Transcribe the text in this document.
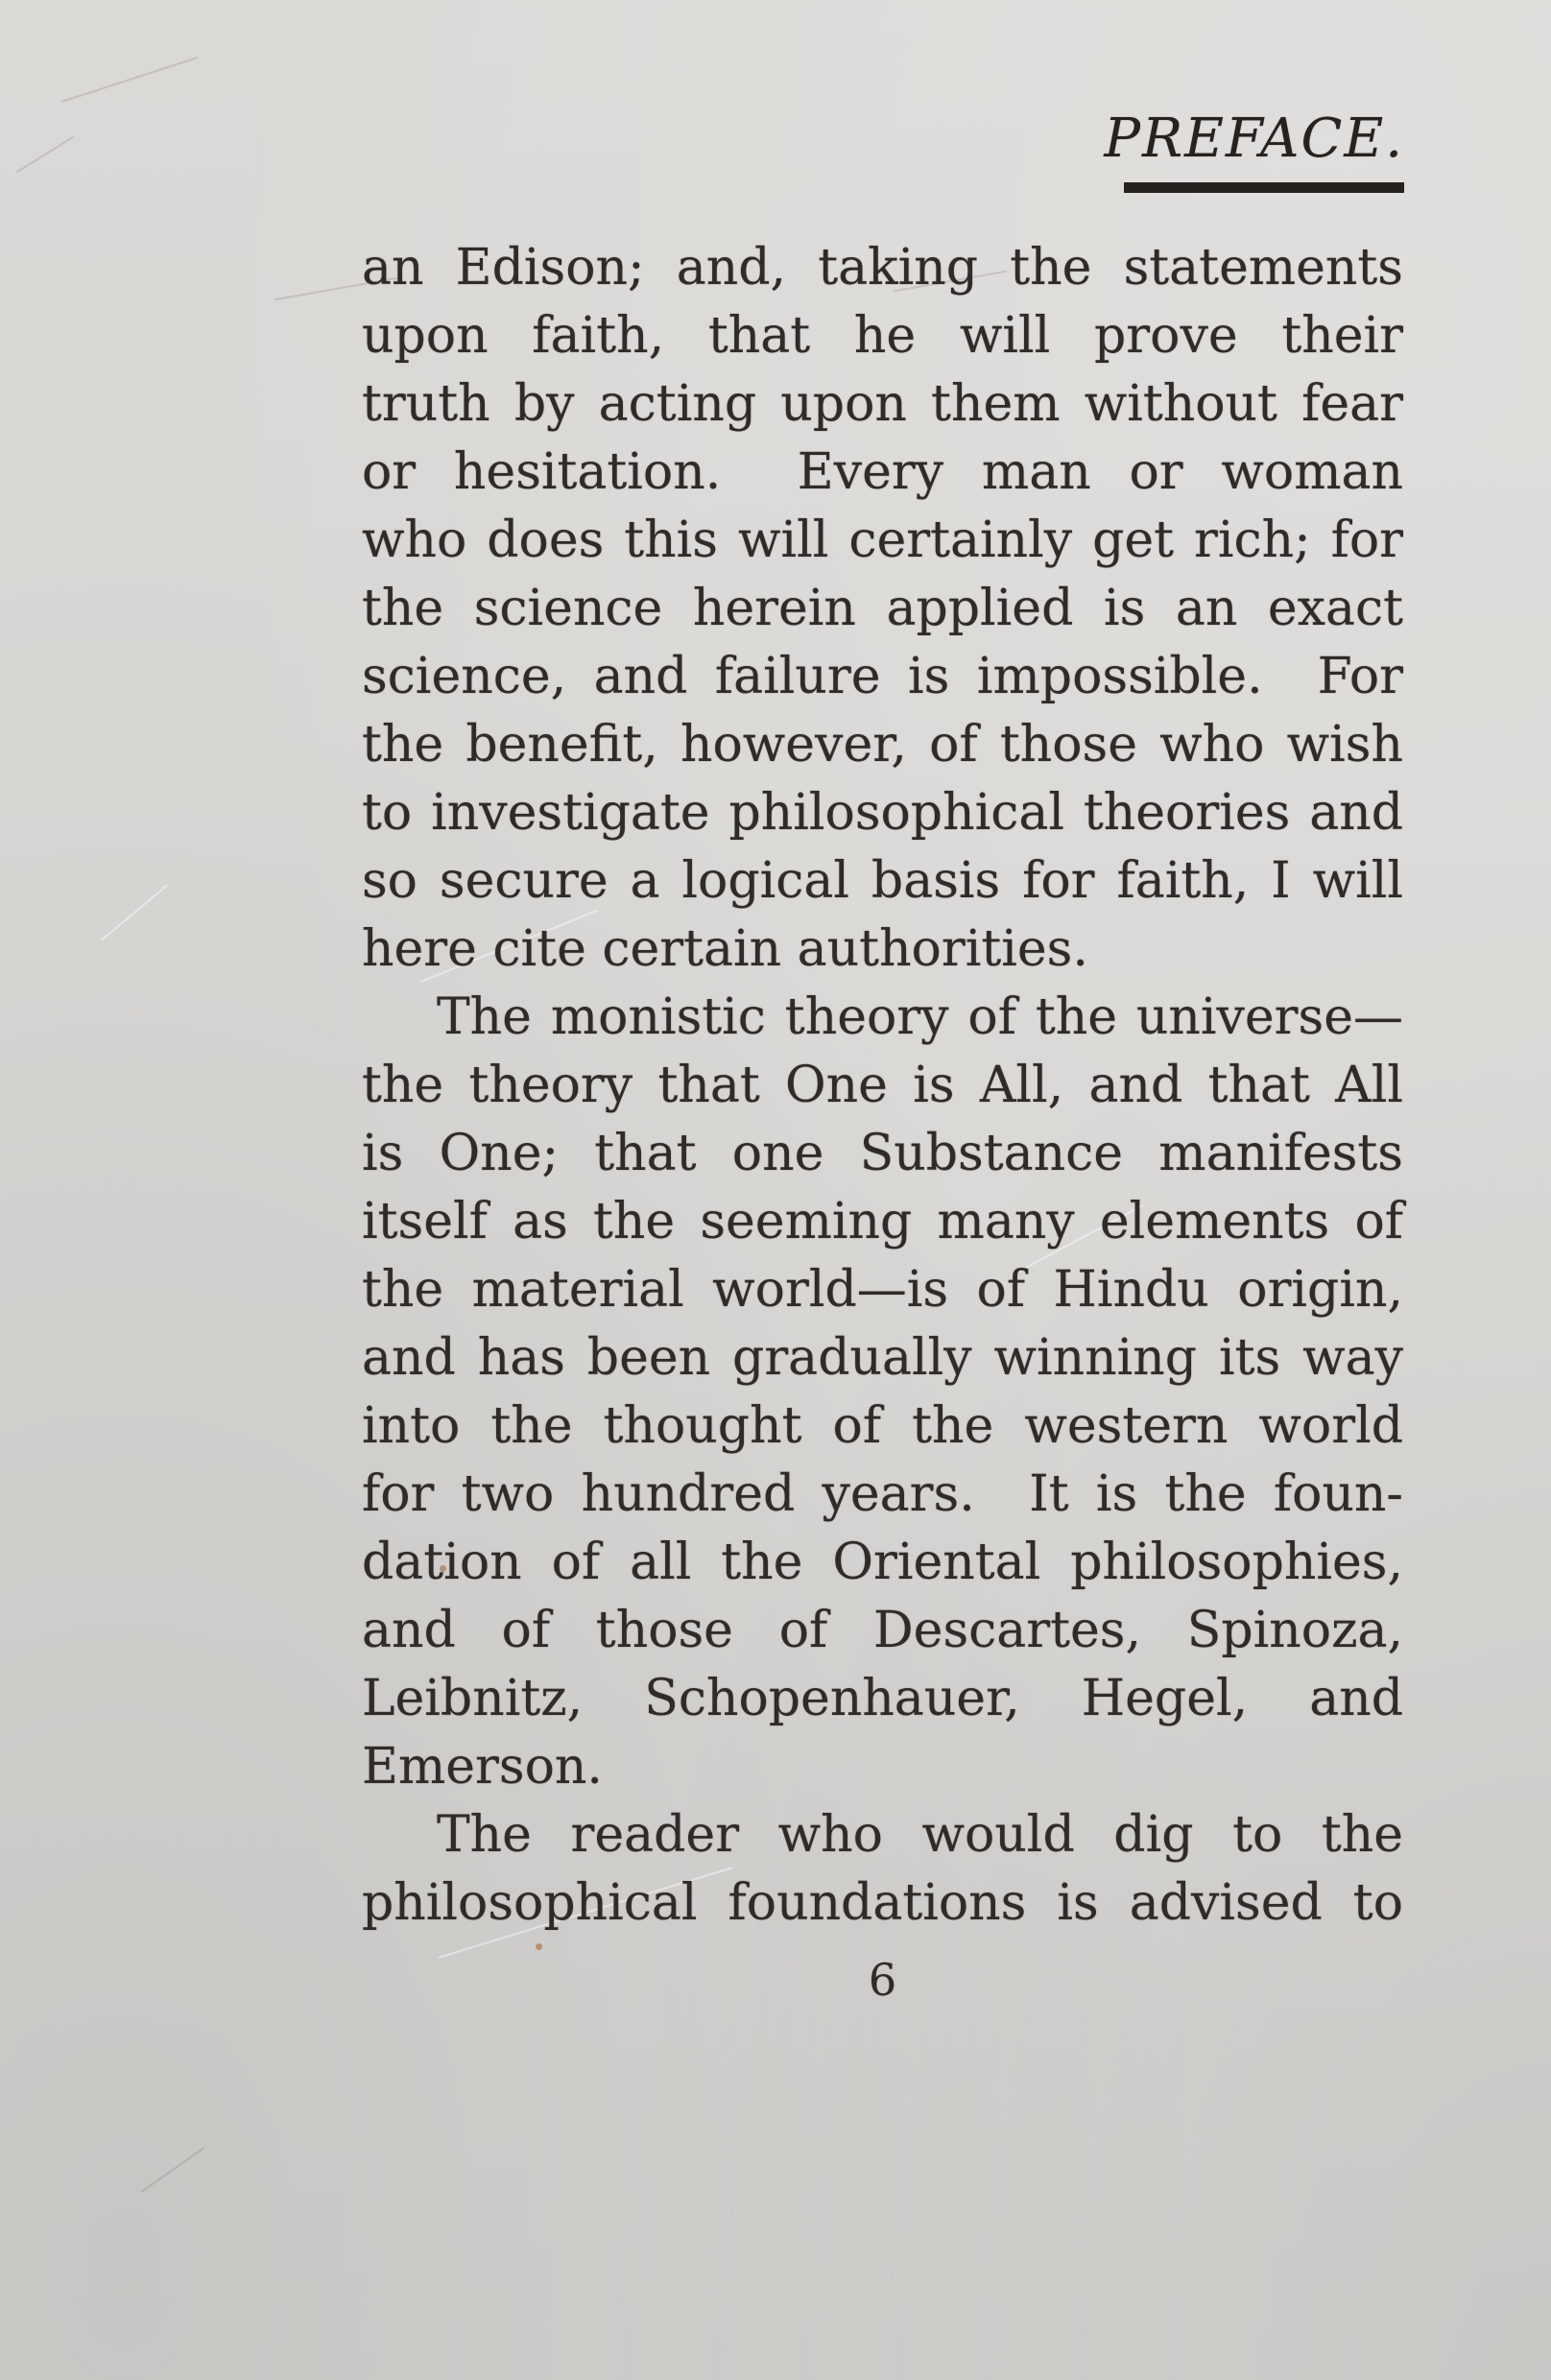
PREFACE.
an Edison; and, taking the statements
upon faith, that he will prove their
truth by acting upon them without fear
or hesitation.  Every man or woman
who does this will certainly get rich; for
the science herein applied is an exact
science, and failure is impossible.  For
the benefit, however, of those who wish
to investigate philosophical theories and
so secure a logical basis for faith, I will
here cite certain authorities.
The monistic theory of the universe—
the theory that One is All, and that All
is One; that one Substance manifests
itself as the seeming many elements of
the material world—is of Hindu origin,
and has been gradually winning its way
into the thought of the western world
for two hundred years.  It is the foun-
dation of all the Oriental philosophies,
and of those of Descartes, Spinoza,
Leibnitz, Schopenhauer, Hegel, and
Emerson.
The reader who would dig to the
philosophical foundations is advised to
6
